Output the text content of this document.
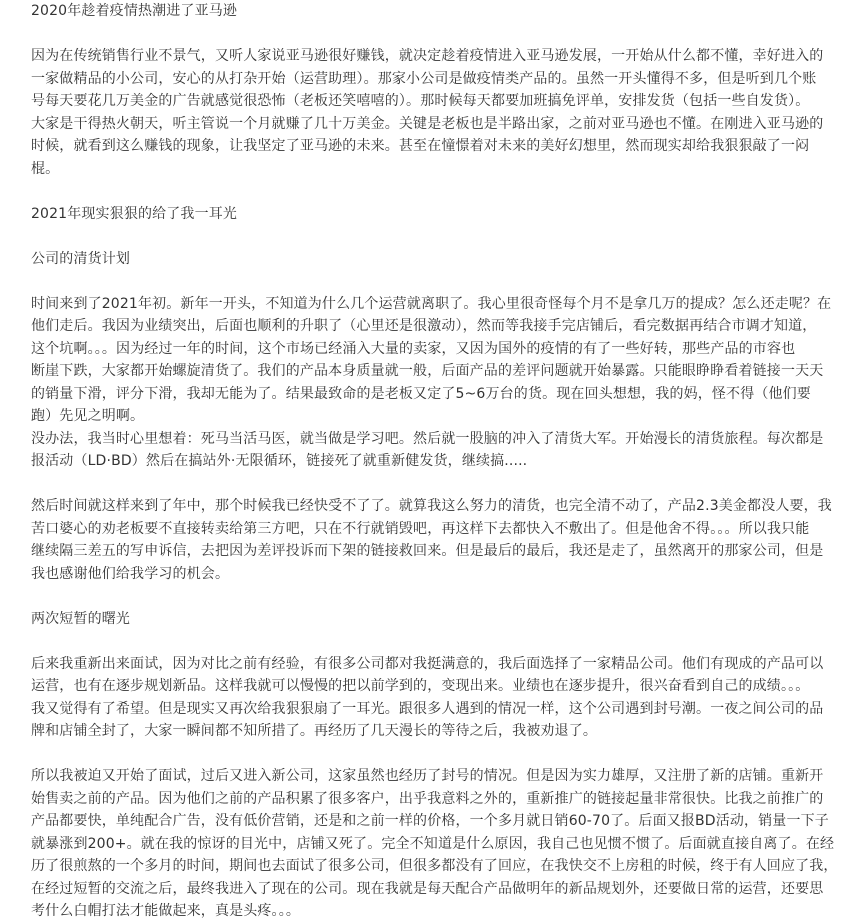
2020年趁着疫情热潮进了亚马逊
因为在传统销售行业不景气，又听人家说亚马逊很好赚钱，就决定趁着疫情进入亚马逊发展，一开始从什么都不懂，幸好进入的
一家做精品的小公司，安心的从打杂开始（运营助理）。那家小公司是做疫情类产品的。虽然一开头懂得不多，但是听到几个账
号每天要花几万美金的广告就感觉很恐怖（老板还笑嘻嘻的）。那时候每天都要加班搞免评单，安排发货（包括一些自发货）。
大家是干得热火朝天，听主管说一个月就赚了几十万美金。关键是老板也是半路出家，之前对亚马逊也不懂。在刚进入亚马逊的
时候，就看到这么赚钱的现象，让我坚定了亚马逊的未来。甚至在憧憬着对未来的美好幻想里，然而现实却给我狠狠敲了一闷
棍。
2021年现实狠狠的给了我一耳光
公司的清货计划
时间来到了2021年初。新年一开头，不知道为什么几个运营就离职了。我心里很奇怪每个月不是拿几万的提成？怎么还走呢？在
他们走后。我因为业绩突出，后面也顺利的升职了（心里还是很激动），然而等我接手完店铺后，看完数据再结合市调才知道，
这个坑啊。。。因为经过一年的时间，这个市场已经涌入大量的卖家，又因为国外的疫情的有了一些好转，那些产品的市容也
断崖下跌，大家都开始螺旋清货了。我们的产品本身质量就一般，后面产品的差评问题就开始暴露。只能眼睁睁看着链接一天天
的销量下滑，评分下滑，我却无能为了。结果最致命的是老板又定了5~6万台的货。现在回头想想，我的妈，怪不得（他们要
跑）先见之明啊。
没办法，我当时心里想着：死马当活马医，就当做是学习吧。然后就一股脑的冲入了清货大军。开始漫长的清货旅程。每次都是
报活动（LD·BD）然后在搞站外·无限循环，链接死了就重新健发货，继续搞.....
然后时间就这样来到了年中，那个时候我已经快受不了了。就算我这么努力的清货，也完全清不动了，产品2.3美金都没人要，我
苦口婆心的劝老板要不直接转卖给第三方吧，只在不行就销毁吧，再这样下去都快入不敷出了。但是他舍不得。。。所以我只能
继续隔三差五的写申诉信，去把因为差评投诉而下架的链接救回来。但是最后的最后，我还是走了，虽然离开的那家公司，但是
我也感谢他们给我学习的机会。
两次短暂的曙光
后来我重新出来面试，因为对比之前有经验，有很多公司都对我挺满意的，我后面选择了一家精品公司。他们有现成的产品可以
运营，也有在逐步规划新品。这样我就可以慢慢的把以前学到的，变现出来。业绩也在逐步提升，很兴奋看到自己的成绩。。。
我又觉得有了希望。但是现实又再次给我狠狠扇了一耳光。跟很多人遇到的情况一样，这个公司遇到封号潮。一夜之间公司的品
牌和店铺全封了，大家一瞬间都不知所措了。再经历了几天漫长的等待之后，我被劝退了。
所以我被迫又开始了面试，过后又进入新公司，这家虽然也经历了封号的情况。但是因为实力雄厚，又注册了新的店铺。重新开
始售卖之前的产品。因为他们之前的产品积累了很多客户，出乎我意料之外的，重新推广的链接起量非常很快。比我之前推广的
产品都要快，单纯配合广告，没有低价营销，还是和之前一样的价格，一个多月就日销60-70了。后面又报BD活动，销量一下子
就暴涨到200+。就在我的惊讶的目光中，店铺又死了。完全不知道是什么原因，我自己也见惯不惯了。后面就直接自离了。在经
历了很煎熬的一个多月的时间，期间也去面试了很多公司，但很多都没有了回应，在我快交不上房租的时候，终于有人回应了我，
在经过短暂的交流之后，最终我进入了现在的公司。现在我就是每天配合产品做明年的新品规划外，还要做日常的运营，还要思
考什么白帽打法才能做起来，真是头疼。。。
